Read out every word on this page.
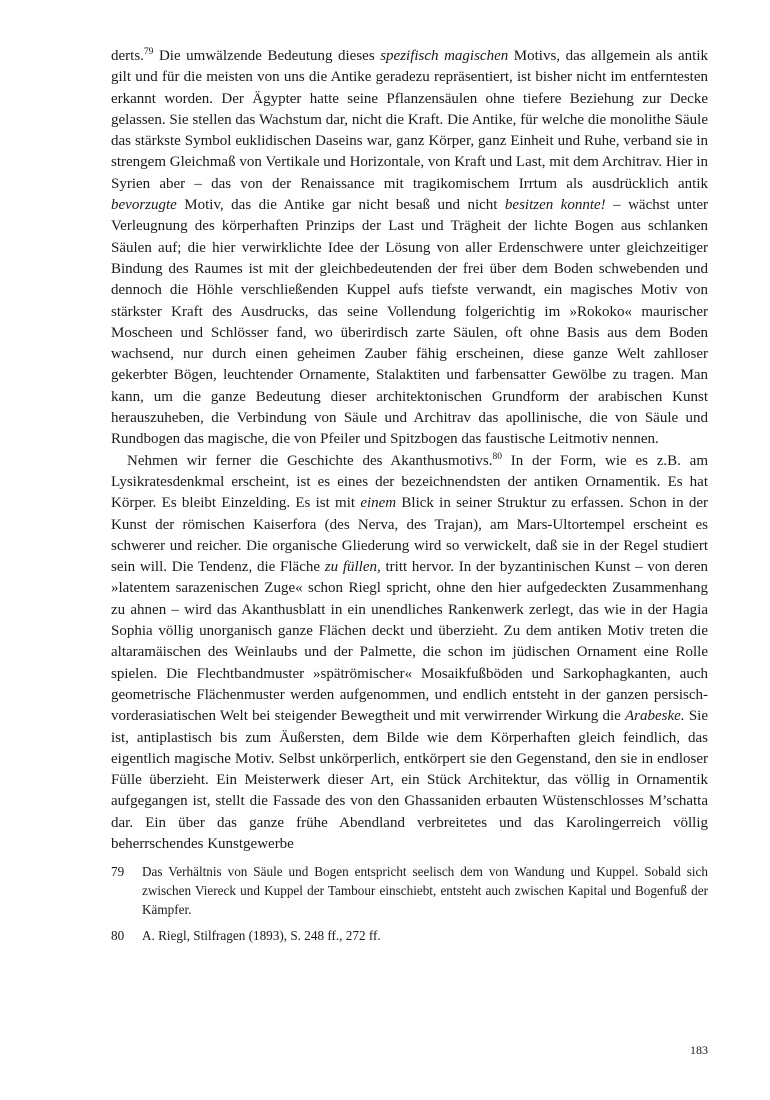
derts.$^{79}$ Die umwälzende Bedeutung dieses spezifisch magischen Motivs, das allgemein als antik gilt und für die meisten von uns die Antike geradezu repräsentiert, ist bisher nicht im entferntesten erkannt worden. Der Ägypter hatte seine Pflanzensäulen ohne tiefere Beziehung zur Decke gelassen. Sie stellen das Wachstum dar, nicht die Kraft. Die Antike, für welche die monolithe Säule das stärkste Symbol euklidischen Daseins war, ganz Körper, ganz Einheit und Ruhe, verband sie in strengem Gleichmaß von Vertikale und Horizontale, von Kraft und Last, mit dem Architrav. Hier in Syrien aber – das von der Renaissance mit tragikomischem Irrtum als ausdrücklich antik bevorzugte Motiv, das die Antike gar nicht besaß und nicht besitzen konnte! – wächst unter Verleugnung des körperhaften Prinzips der Last und Trägheit der lichte Bogen aus schlanken Säulen auf; die hier verwirklichte Idee der Lösung von aller Erdenschwere unter gleichzeitiger Bindung des Raumes ist mit der gleichbedeutenden der frei über dem Boden schwebenden und dennoch die Höhle verschließenden Kuppel aufs tiefste verwandt, ein magisches Motiv von stärkster Kraft des Ausdrucks, das seine Vollendung folgerichtig im »Rokoko« maurischer Moscheen und Schlösser fand, wo überirdisch zarte Säulen, oft ohne Basis aus dem Boden wachsend, nur durch einen geheimen Zauber fähig erscheinen, diese ganze Welt zahlloser gekerbter Bögen, leuchtender Ornamente, Stalaktiten und farbensatter Gewölbe zu tragen. Man kann, um die ganze Bedeutung dieser architektonischen Grundform der arabischen Kunst herauszuheben, die Verbindung von Säule und Architrav das apollinische, die von Säule und Rundbogen das magische, die von Pfeiler und Spitzbogen das faustische Leitmotiv nennen.

Nehmen wir ferner die Geschichte des Akanthusmotivs.$^{80}$ In der Form, wie es z.B. am Lysikratesdenkmal erscheint, ist es eines der bezeichnendsten der antiken Ornamentik. Es hat Körper. Es bleibt Einzelding. Es ist mit einem Blick in seiner Struktur zu erfassen. Schon in der Kunst der römischen Kaiserfora (des Nerva, des Trajan), am Mars-Ultortempel erscheint es schwerer und reicher. Die organische Gliederung wird so verwickelt, daß sie in der Regel studiert sein will. Die Tendenz, die Fläche zu füllen, tritt hervor. In der byzantinischen Kunst – von deren »latentem sarazenischen Zuge« schon Riegl spricht, ohne den hier aufgedeckten Zusammenhang zu ahnen – wird das Akanthusblatt in ein unendliches Rankenwerk zerlegt, das wie in der Hagia Sophia völlig unorganisch ganze Flächen deckt und überzieht. Zu dem antiken Motiv treten die altaramäischen des Weinlaubs und der Palmette, die schon im jüdischen Ornament eine Rolle spielen. Die Flechtbandmuster »spätrömischer« Mosaikfußböden und Sarkophagkanten, auch geometrische Flächenmuster werden aufgenommen, und endlich entsteht in der ganzen persisch-vorderasiatischen Welt bei steigender Bewegtheit und mit verwirrender Wirkung die Arabeske. Sie ist, antiplastisch bis zum Äußersten, dem Bilde wie dem Körperhaften gleich feindlich, das eigentlich magische Motiv. Selbst unkörperlich, entkörpert sie den Gegenstand, den sie in endloser Fülle überzieht. Ein Meisterwerk dieser Art, ein Stück Architektur, das völlig in Ornamentik aufgegangen ist, stellt die Fassade des von den Ghassaniden erbauten Wüstenschlosses M’schatta dar. Ein über das ganze frühe Abendland verbreitetes und das Karolingerreich völlig beherrschendes Kunstgewerbe

79	Das Verhältnis von Säule und Bogen entspricht seelisch dem von Wandung und Kuppel. Sobald sich zwischen Viereck und Kuppel der Tambour einschiebt, entsteht auch zwischen Kapital und Bogenfuß der Kämpfer.
80	A. Riegl, Stilfragen (1893), S. 248 ff., 272 ff.
183
